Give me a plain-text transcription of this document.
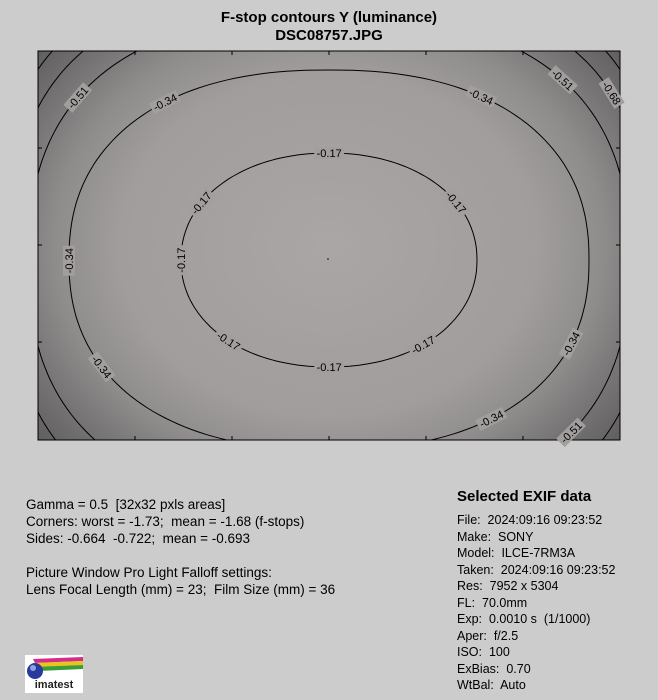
F-stop contours Y (luminance)
DSC08757.JPG
-0.17
-0.17	-0.17
-0.17
-0.17
-0.17
-0.17
-0.34
-0.34
-0.34
-0.34
-0.34
-0.34
-0.51
-0.51
-0.51
-0.68
Gamma = 0.5  [32x32 pxls areas]
Corners: worst = -1.73;  mean = -1.68 (f-stops)
Sides: -0.664  -0.722;  mean = -0.693
Picture Window Pro Light Falloff settings:
Lens Focal Length (mm) = 23;  Film Size (mm) = 36
Selected EXIF data
File:  2024:09:16 09:23:52
Make:  SONY
Model:  ILCE-7RM3A
Taken:  2024:09:16 09:23:52
Res:  7952 x 5304
FL:  70.0mm
Exp:  0.0010 s  (1/1000)
Aper:  f/2.5
ISO:  100
ExBias:  0.70
WtBal:  Auto
imatest
